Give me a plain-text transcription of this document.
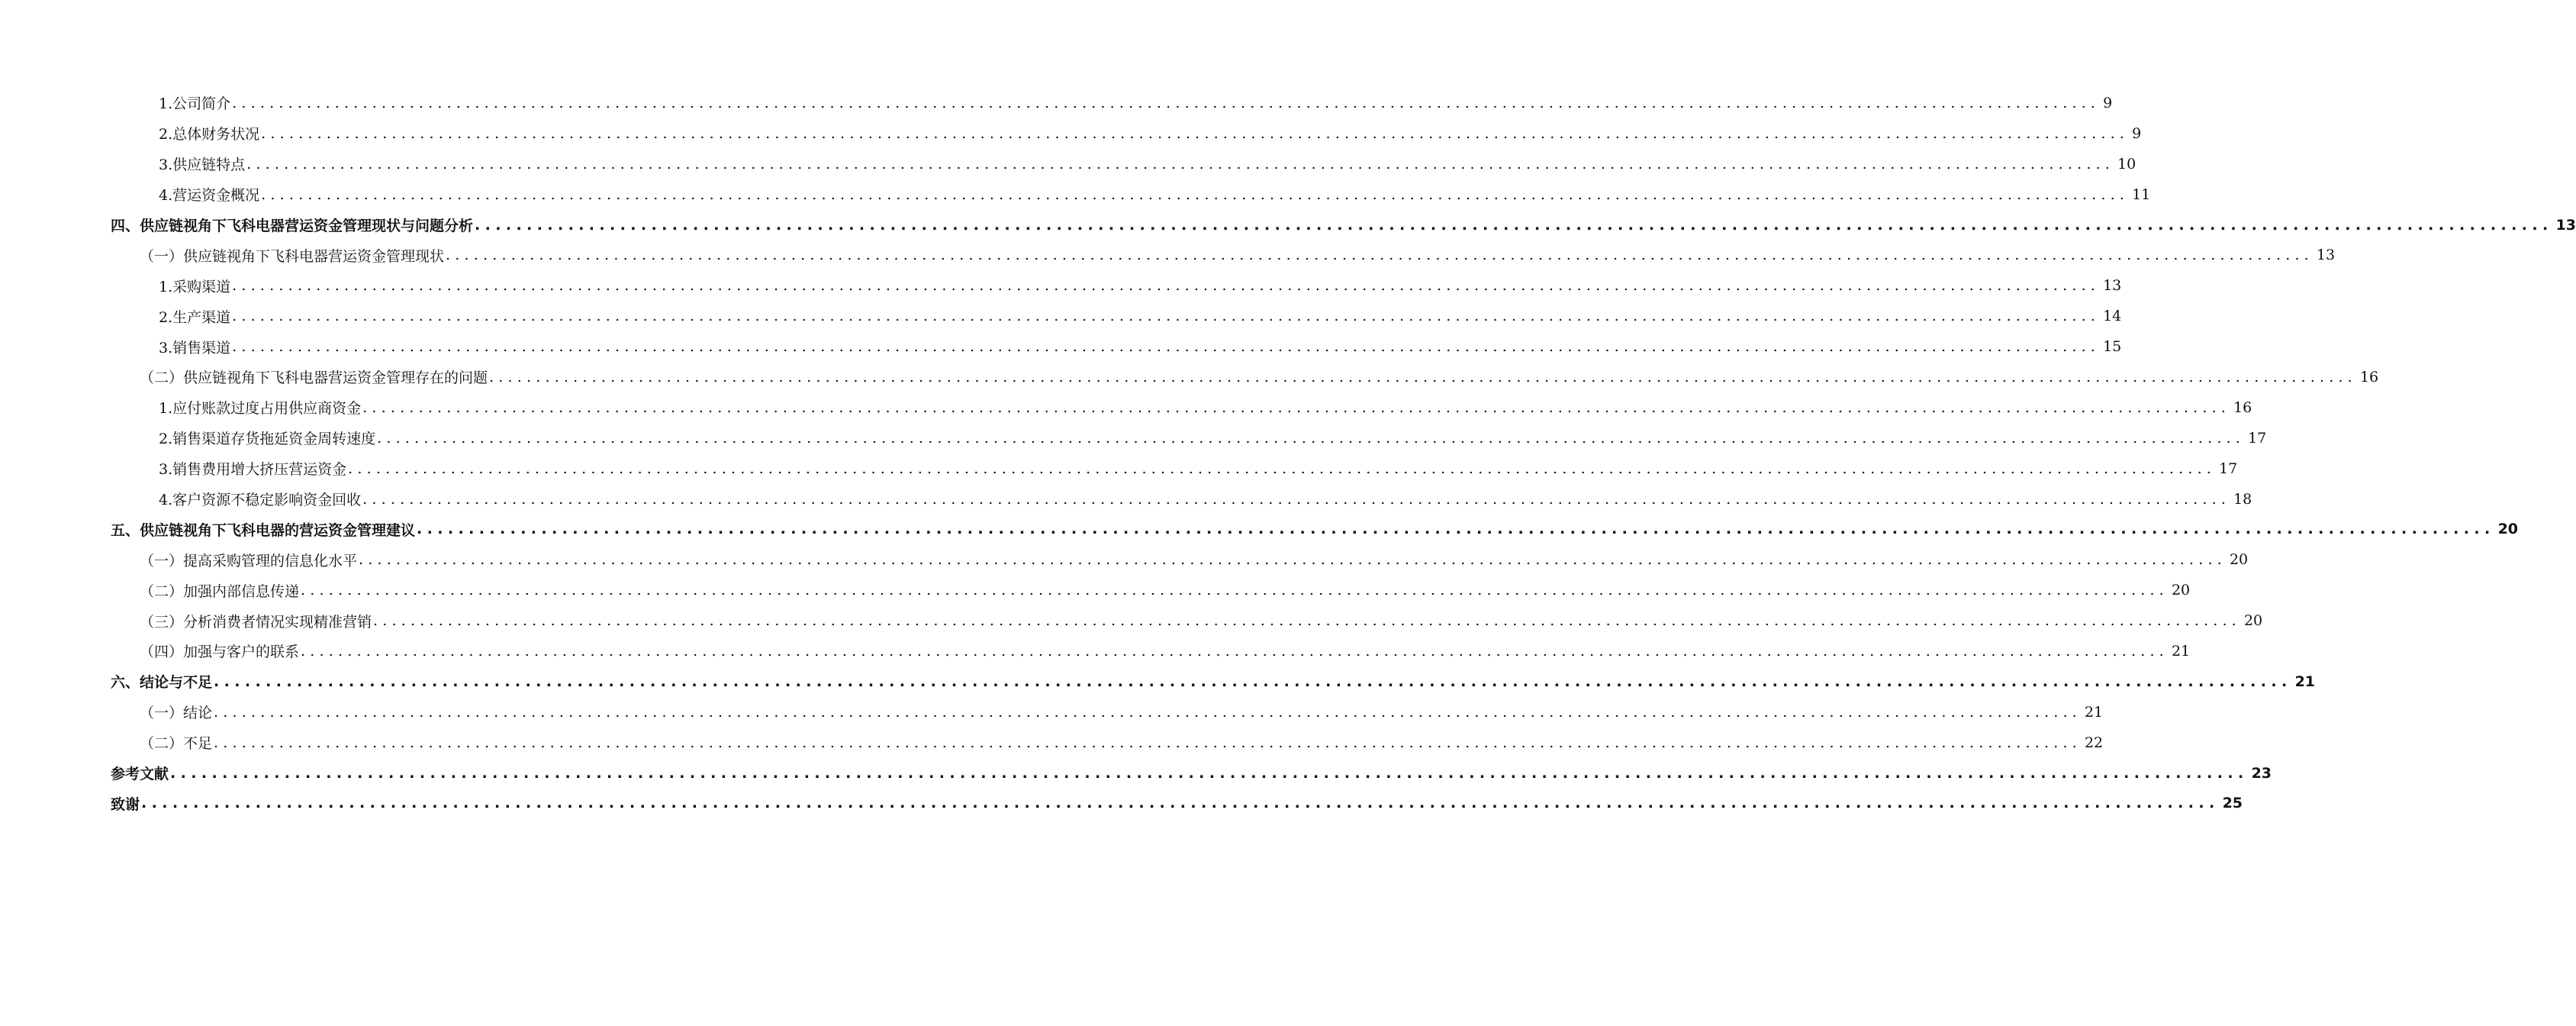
1.公司简介 ........................................................................................................................................................................................................ 9
2.总体财务状况 ........................................................................................................................................................................................................ 9
3.供应链特点 ........................................................................................................................................................................................................ 10
4.营运资金概况 ........................................................................................................................................................................................................ 11
四、供应链视角下飞科电器营运资金管理现状与问题分析 ........................................................................................................................................................................................................ 13
（一）供应链视角下飞科电器营运资金管理现状 ........................................................................................................................................................................................................ 13
1.采购渠道 ........................................................................................................................................................................................................ 13
2.生产渠道 ........................................................................................................................................................................................................ 14
3.销售渠道 ........................................................................................................................................................................................................ 15
（二）供应链视角下飞科电器营运资金管理存在的问题 ........................................................................................................................................................................................................ 16
1.应付账款过度占用供应商资金 ........................................................................................................................................................................................................ 16
2.销售渠道存货拖延资金周转速度 ........................................................................................................................................................................................................ 17
3.销售费用增大挤压营运资金 ........................................................................................................................................................................................................ 17
4.客户资源不稳定影响资金回收 ........................................................................................................................................................................................................ 18
五、供应链视角下飞科电器的营运资金管理建议 ........................................................................................................................................................................................................ 20
（一）提高采购管理的信息化水平 ........................................................................................................................................................................................................ 20
（二）加强内部信息传递 ........................................................................................................................................................................................................ 20
（三）分析消费者情况实现精准营销 ........................................................................................................................................................................................................ 20
（四）加强与客户的联系 ........................................................................................................................................................................................................ 21
六、结论与不足 ........................................................................................................................................................................................................ 21
（一）结论 ........................................................................................................................................................................................................ 21
（二）不足 ........................................................................................................................................................................................................ 22
参考文献 ........................................................................................................................................................................................................ 23
致谢 ........................................................................................................................................................................................................ 25
